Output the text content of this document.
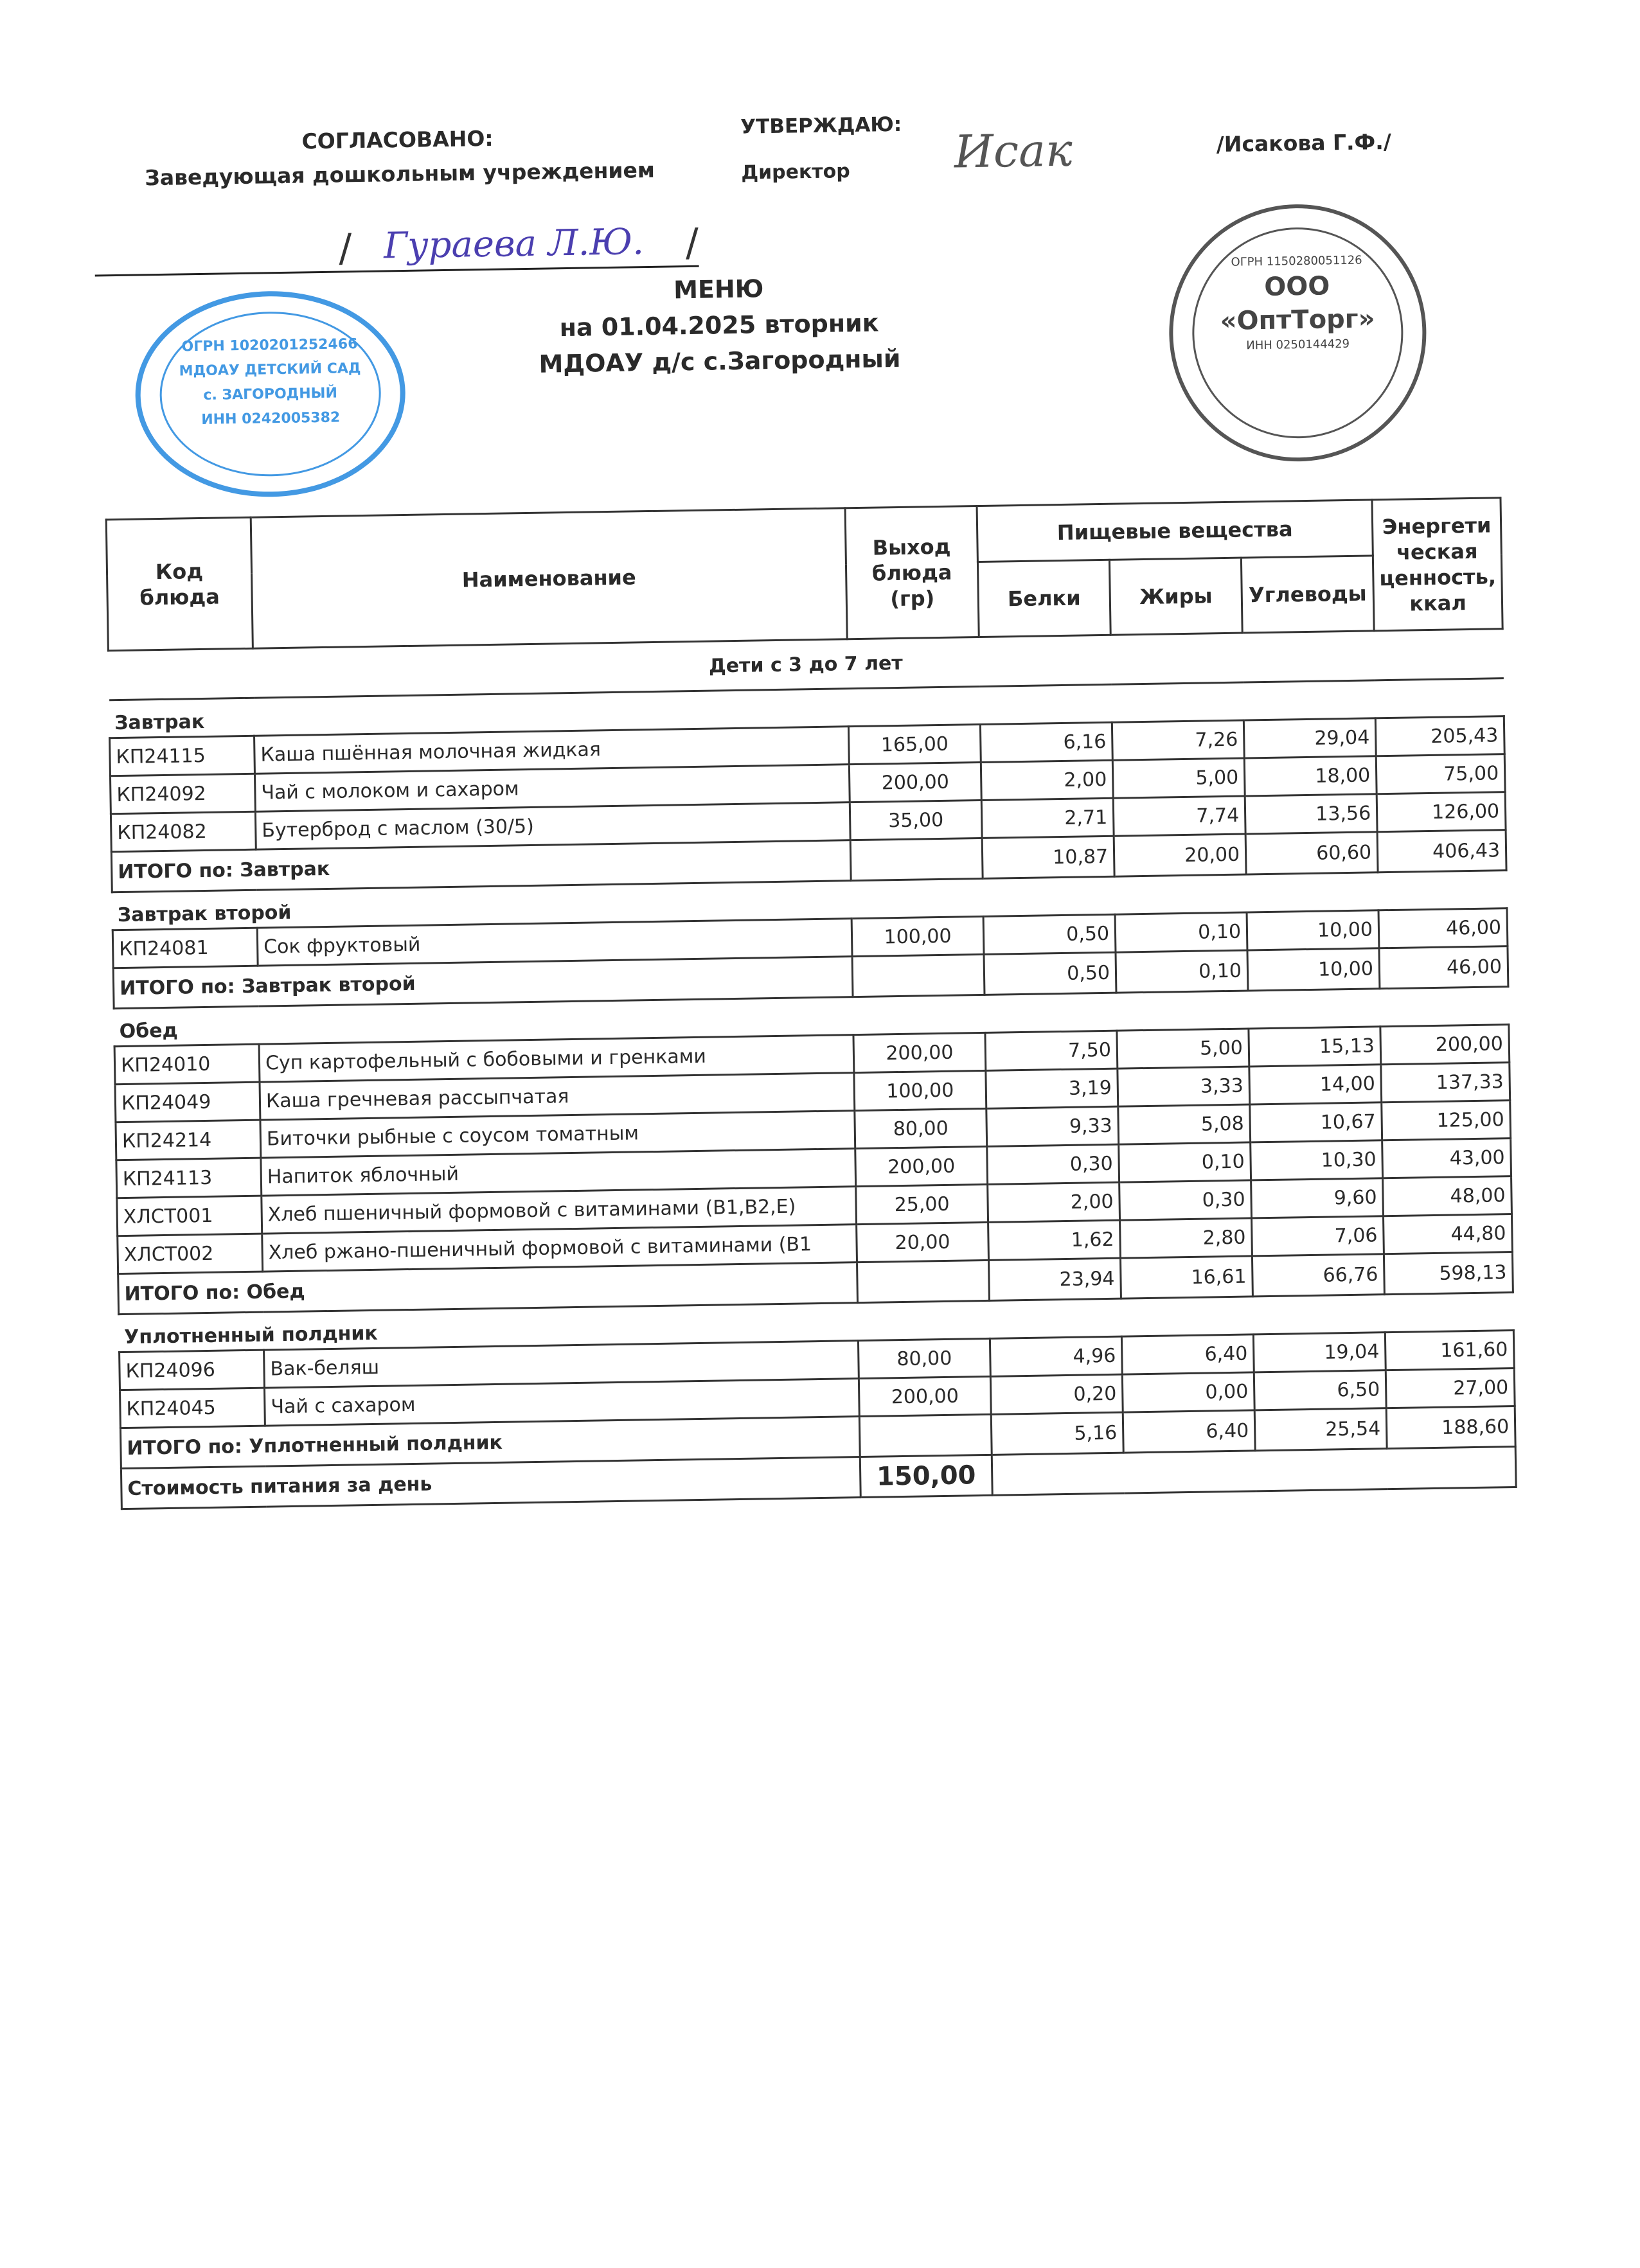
СОГЛАСОВАНО:
Заведующая дошкольным учреждением
/ Гураева Л.Ю. /
ОГРН 1020201252466
МДОАУ ДЕТСКИЙ САД
с. ЗАГОРОДНЫЙ
ИНН 0242005382
УТВЕРЖДАЮ:
Директор	Исак	/Исакова Г.Ф./
ОГРН 1150280051126
ООО
«ОптТорг»
ИНН 0250144429
МЕНЮ
на 01.04.2025 вторник
МДОАУ д/с с.Загородный
Код блюда	Наименование	Выход блюда (гр)	Пищевые вещества			Энергети ческая ценность, ккал
			Белки	Жиры	Углеводы	
Дети с 3 до 7 лет						
Завтрак						
КП24115	Каша пшённая молочная жидкая	165,00	6,16	7,26	29,04	205,43
КП24092	Чай с молоком и сахаром	200,00	2,00	5,00	18,00	75,00
КП24082	Бутерброд с маслом (30/5)	35,00	2,71	7,74	13,56	126,00
ИТОГО по: Завтрак			10,87	20,00	60,60	406,43
Завтрак второй						
КП24081	Сок фруктовый	100,00	0,50	0,10	10,00	46,00
ИТОГО по: Завтрак второй			0,50	0,10	10,00	46,00
Обед						
КП24010	Суп картофельный с бобовыми и гренками	200,00	7,50	5,00	15,13	200,00
КП24049	Каша гречневая рассыпчатая	100,00	3,19	3,33	14,00	137,33
КП24214	Биточки рыбные с соусом томатным	80,00	9,33	5,08	10,67	125,00
КП24113	Напиток яблочный	200,00	0,30	0,10	10,30	43,00
ХЛСТ001	Хлеб пшеничный формовой с витаминами (В1,В2,Е)	25,00	2,00	0,30	9,60	48,00
ХЛСТ002	Хлеб ржано-пшеничный формовой с витаминами (В1	20,00	1,62	2,80	7,06	44,80
ИТОГО по: Обед			23,94	16,61	66,76	598,13
Уплотненный полдник						
КП24096	Вак-беляш	80,00	4,96	6,40	19,04	161,60
КП24045	Чай с сахаром	200,00	0,20	0,00	6,50	27,00
ИТОГО по: Уплотненный полдник			5,16	6,40	25,54	188,60
Стоимость питания за день		150,00				
